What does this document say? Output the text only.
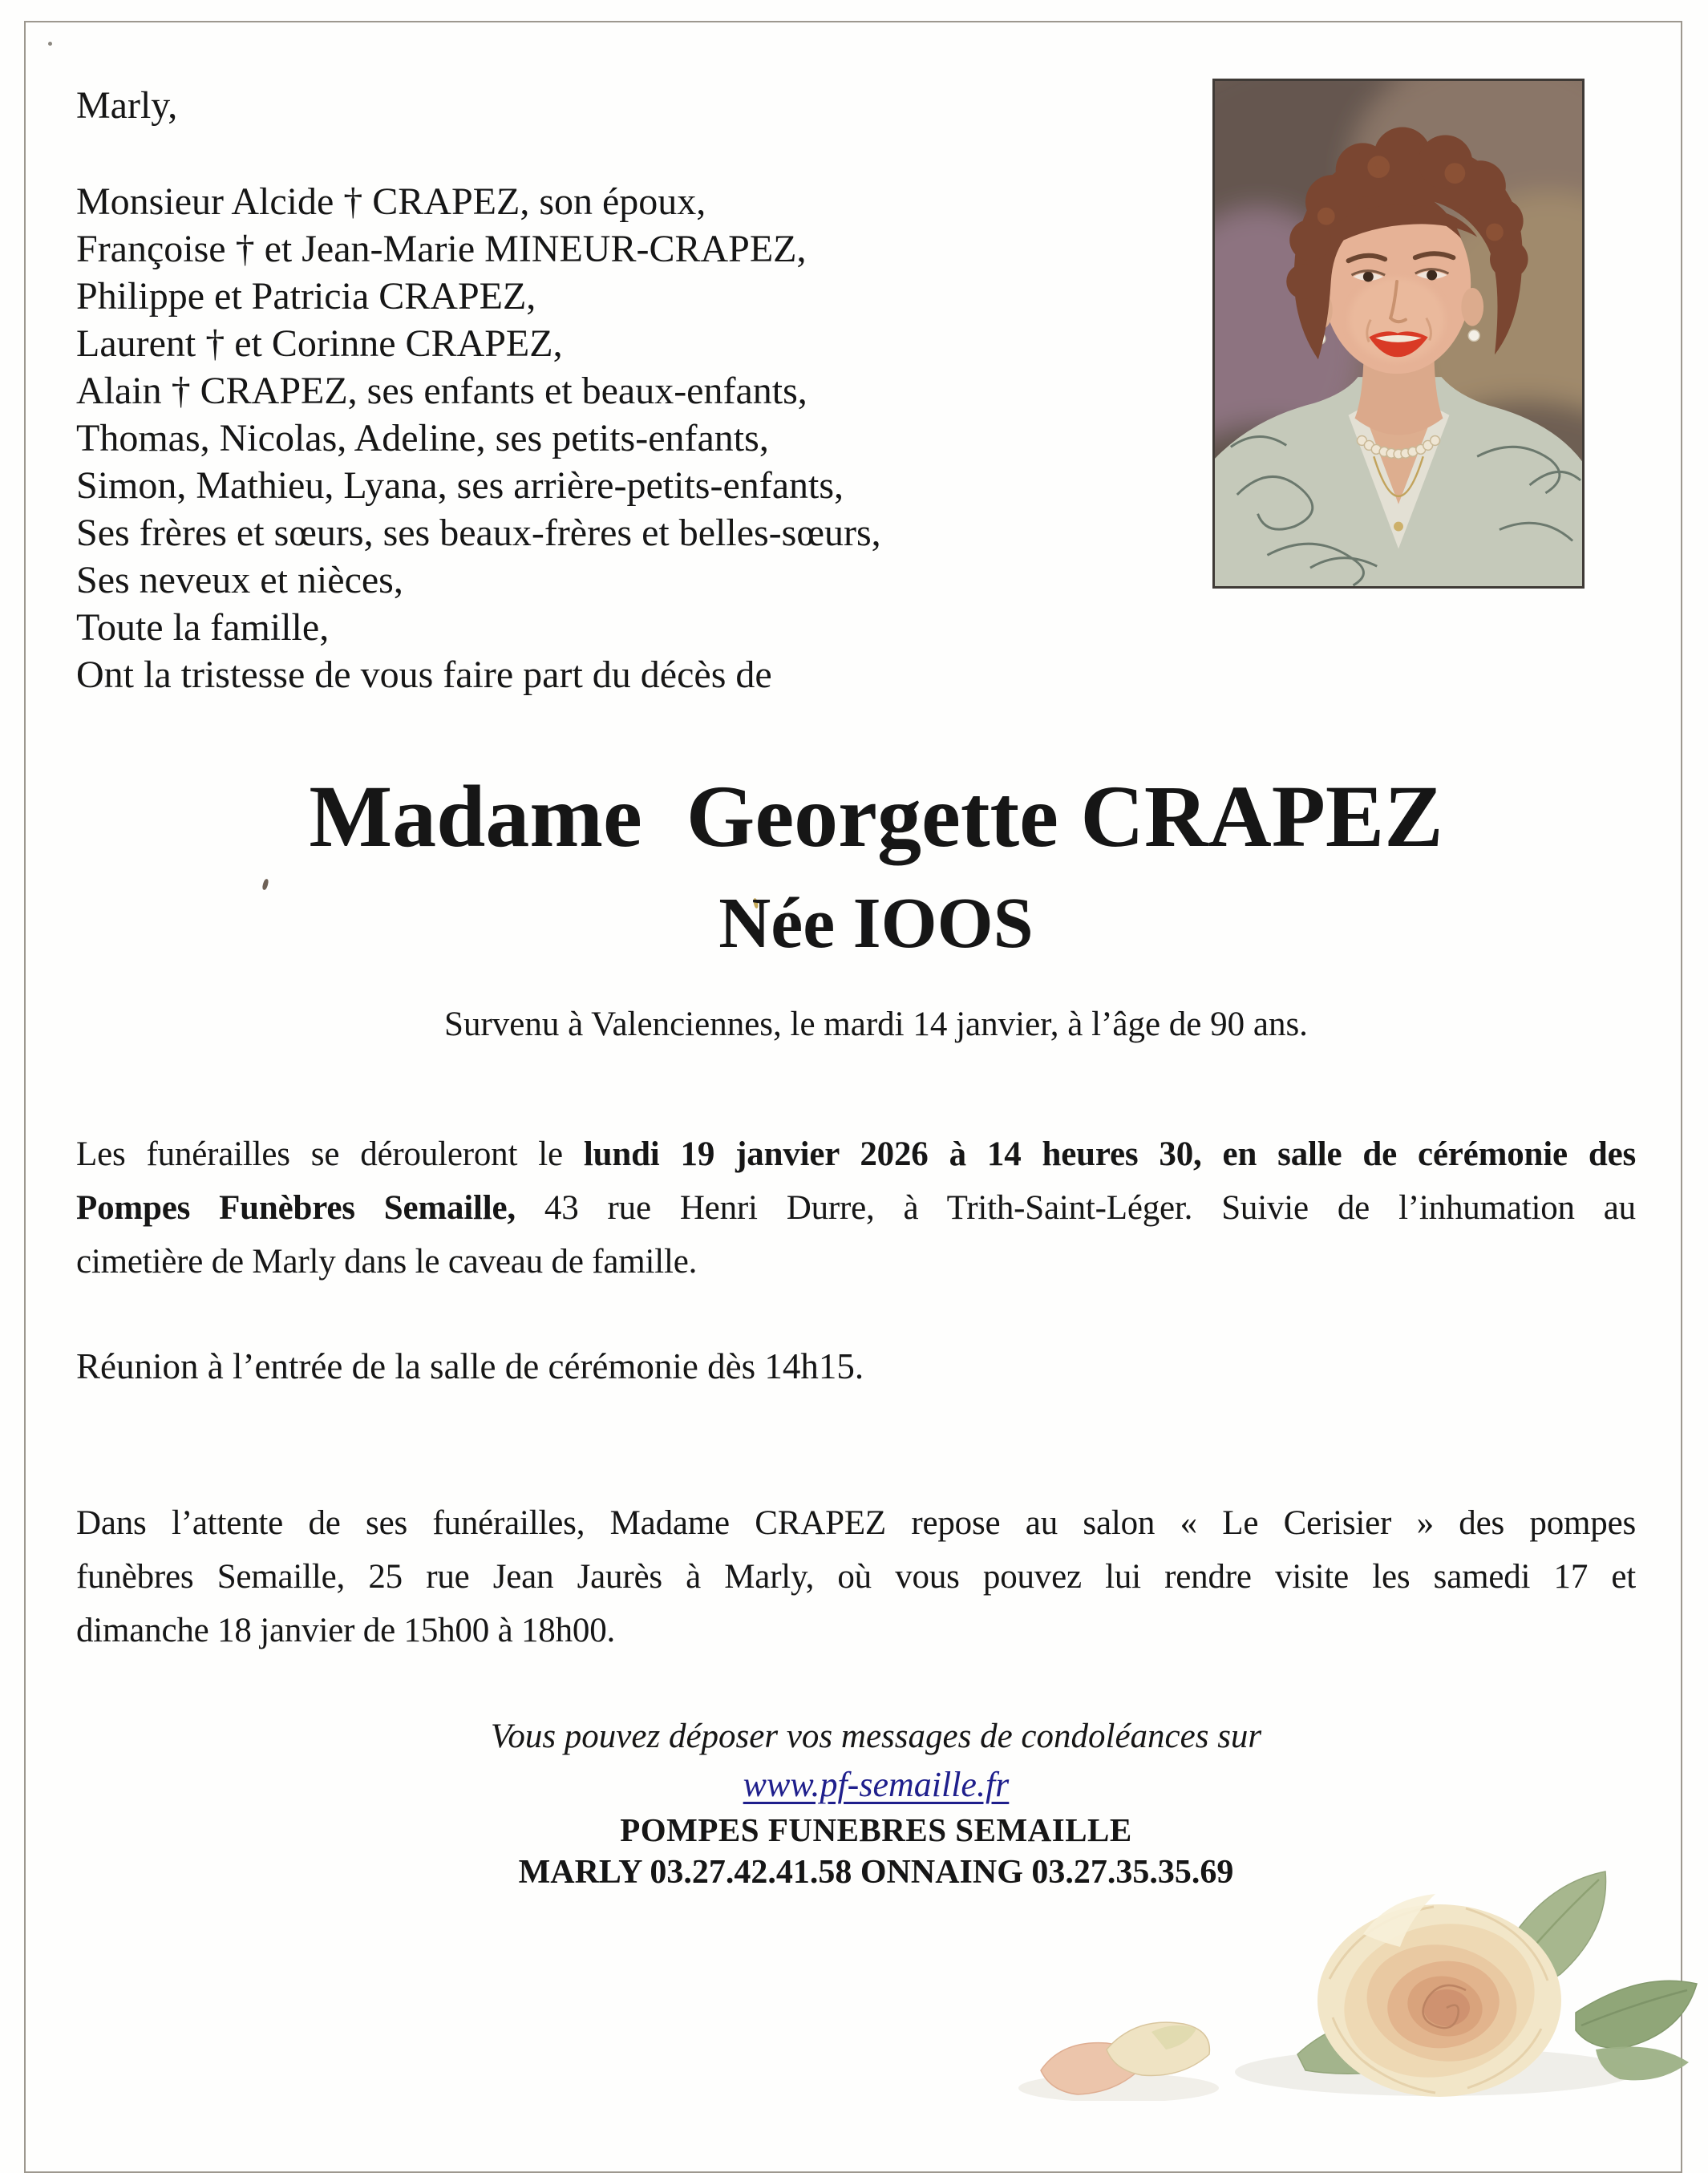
Marly,
Monsieur Alcide † CRAPEZ, son époux,
Françoise † et Jean-Marie MINEUR-CRAPEZ,
Philippe et Patricia CRAPEZ,
Laurent † et Corinne CRAPEZ,
Alain † CRAPEZ, ses enfants et beaux-enfants,
Thomas, Nicolas, Adeline, ses petits-enfants,
Simon, Mathieu, Lyana, ses arrière-petits-enfants,
Ses frères et sœurs, ses beaux-frères et belles-sœurs,
Ses neveux et nièces,
Toute la famille,
Ont la tristesse de vous faire part du décès de
Madame  Georgette CRAPEZ
Née IOOS
Survenu à Valenciennes, le mardi 14 janvier, à l’âge de 90 ans.
Les funérailles se dérouleront le lundi 19 janvier 2026 à 14 heures 30, en salle de cérémonie des
Pompes Funèbres Semaille, 43 rue Henri Durre, à Trith-Saint-Léger. Suivie de l’inhumation au
cimetière de Marly dans le caveau de famille.
Réunion à l’entrée de la salle de cérémonie dès 14h15.
Dans l’attente de ses funérailles, Madame CRAPEZ repose au salon « Le Cerisier » des pompes
funèbres Semaille, 25 rue Jean Jaurès à Marly, où vous pouvez lui rendre visite les samedi 17 et
dimanche 18 janvier de 15h00 à 18h00.
Vous pouvez déposer vos messages de condoléances sur
www.pf-semaille.fr
POMPES FUNEBRES SEMAILLE
MARLY 03.27.42.41.58 ONNAING 03.27.35.35.69
